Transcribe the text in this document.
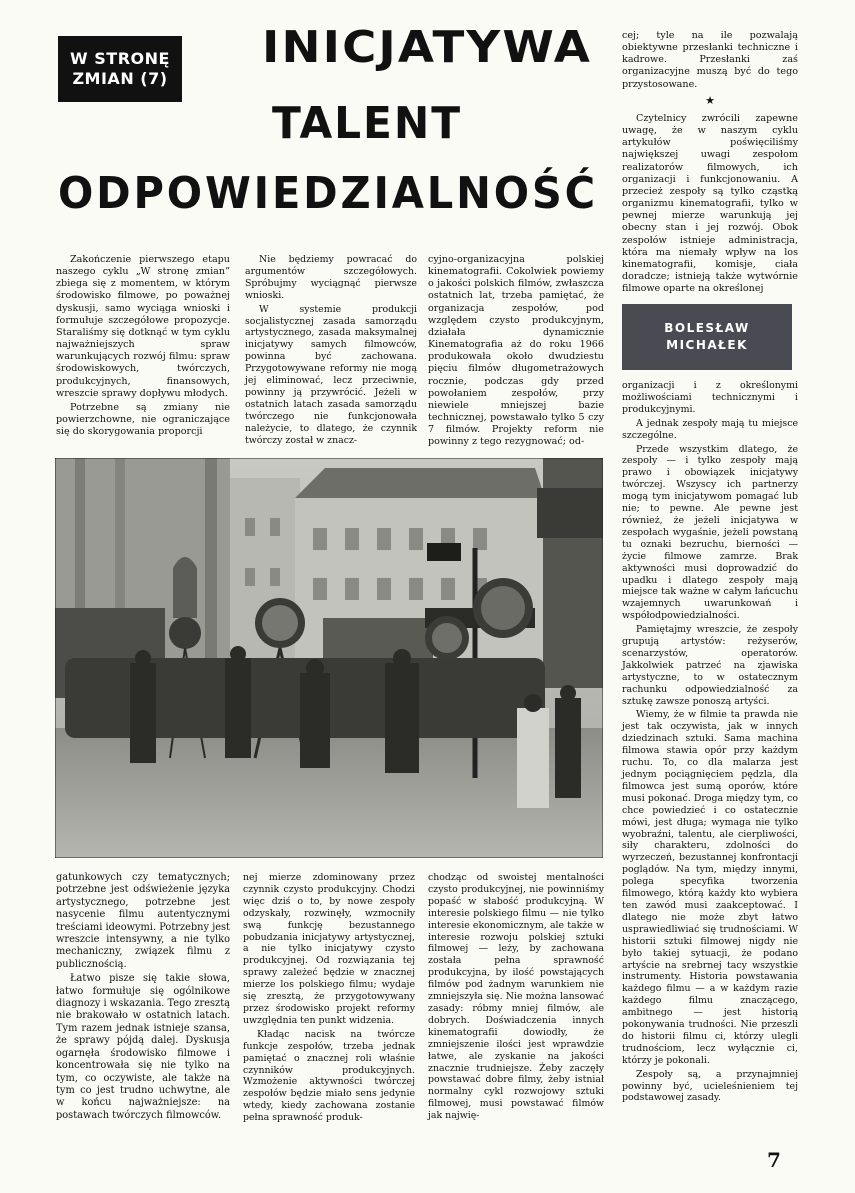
W STRONĘ
ZMIAN (7)
INICJATYWA
TALENT
ODPOWIEDZIALNOŚĆ

Zakończenie pierwszego etapu naszego cyklu „W stronę zmian” zbiega się z momentem, w którym środowisko filmowe, po poważnej dyskusji, samo wyciąga wnioski i formułuje szczegółowe propozycje. Staraliśmy się dotknąć w tym cyklu najważniejszych spraw warunkujących rozwój filmu: spraw środowiskowych, twórczych, produkcyjnych, finansowych, wreszcie sprawy dopływu młodych.

Potrzebne są zmiany nie powierzchowne, nie ograniczające się do skorygowania proporcji

Nie będziemy powracać do argumentów szczegółowych. Spróbujmy wyciągnąć pierwsze wnioski.

W systemie produkcji socjalistycznej zasada samorządu artystycznego, zasada maksymalnej inicjatywy samych filmowców, powinna być zachowana. Przygotowywane reformy nie mogą jej eliminować, lecz przeciwnie, powinny ją przywrócić. Jeżeli w ostatnich latach zasada samorządu twórczego nie funkcjonowała należycie, to dlatego, że czynnik twórczy został w znacz-

cyjno-organizacyjna polskiej kinematografii. Cokolwiek powiemy o jakości polskich filmów, zwłaszcza ostatnich lat, trzeba pamiętać, że organizacja zespołów, pod względem czysto produkcyjnym, działała dynamicznie Kinematografia aż do roku 1966 produkowała około dwudziestu pięciu filmów długometrażowych rocznie, podczas gdy przed powołaniem zespołów, przy niewiele mniejszej bazie technicznej, powstawało tylko 5 czy 7 filmów. Projekty reform nie powinny z tego rezygnować; od-

cej; tyle na ile pozwalają obiektywne przesłanki techniczne i kadrowe. Przesłanki zaś organizacyjne muszą być do tego przystosowane.

★

Czytelnicy zwrócili zapewne uwagę, że w naszym cyklu artykułów poświęciliśmy największej uwagi zespołom realizatorów filmowych, ich organizacji i funkcjonowaniu. A przecież zespoły są tylko cząstką organizmu kinematografii, tylko w pewnej mierze warunkują jej obecny stan i jej rozwój. Obok zespołów istnieje administracja, która ma niemały wpływ na los kinematografii, komisje, ciała doradcze; istnieją także wytwórnie filmowe oparte na określonej

BOLESŁAW
MICHAŁEK

organizacji i z określonymi możliwościami technicznymi i produkcyjnymi.

A jednak zespoły mają tu miejsce szczególne.

Przede wszystkim dlatego, że zespoły — i tylko zespoły mają prawo i obowiązek inicjatywy twórczej. Wszyscy ich partnerzy mogą tym inicjatywom pomagać lub nie; to pewne. Ale pewne jest również, że jeżeli inicjatywa w zespołach wygaśnie, jeżeli powstaną tu oznaki bezruchu, bierności — życie filmowe zamrze. Brak aktywności musi doprowadzić do upadku i dlatego zespoły mają miejsce tak ważne w całym łańcuchu wzajemnych uwarunkowań i współodpowiedzialności.

Pamiętajmy wreszcie, że zespoły grupują artystów: reżyserów, scenarzystów, operatorów. Jakkolwiek patrzeć na zjawiska artystyczne, to w ostatecznym rachunku odpowiedzialność za sztukę zawsze ponoszą artyści.

Wiemy, że w filmie ta prawda nie jest tak oczywista, jak w innych dziedzinach sztuki. Sama machina filmowa stawia opór przy każdym ruchu. To, co dla malarza jest jednym pociągnięciem pędzla, dla filmowca jest sumą oporów, które musi pokonać. Droga między tym, co chce powiedzieć i co ostatecznie mówi, jest długa; wymaga nie tylko wyobraźni, talentu, ale cierpliwości, siły charakteru, zdolności do wyrzeczeń, bezustannej konfrontacji poglądów. Na tym, między innymi, polega specyfika tworzenia filmowego, którą każdy kto wybiera ten zawód musi zaakceptować. I dlatego nie może zbyt łatwo usprawiedliwiać się trudnościami. W historii sztuki filmowej nigdy nie było takiej sytuacji, że podano artyście na srebrnej tacy wszystkie instrumenty. Historia powstawania każdego filmu — a w każdym razie każdego filmu znaczącego, ambitnego — jest historią pokonywania trudności. Nie przeszli do historii filmu ci, którzy ulegli trudnościom, lecz wyłącznie ci, którzy je pokonali.

Zespoły są, a przynajmniej powinny być, ucieleśnieniem tej podstawowej zasady.

gatunkowych czy tematycznych; potrzebne jest odświeżenie języka artystycznego, potrzebne jest nasycenie filmu autentycznymi treściami ideowymi. Potrzebny jest wreszcie intensywny, a nie tylko mechaniczny, związek filmu z publicznością.

Łatwo pisze się takie słowa, łatwo formułuje się ogólnikowe diagnozy i wskazania. Tego zresztą nie brakowało w ostatnich latach. Tym razem jednak istnieje szansa, że sprawy pójdą dalej. Dyskusja ogarnęła środowisko filmowe i koncentrowała się nie tylko na tym, co oczywiste, ale także na tym co jest trudno uchwytne, ale w końcu najważniejsze: na postawach twórczych filmowców.

nej mierze zdominowany przez czynnik czysto produkcyjny. Chodzi więc dziś o to, by nowe zespoły odzyskały, rozwinęły, wzmocniły swą funkcję bezustannego pobudzania inicjatywy artystycznej, a nie tylko inicjatywy czysto produkcyjnej. Od rozwiązania tej sprawy zależeć będzie w znacznej mierze los polskiego filmu; wydaje się zresztą, że przygotowywany przez środowisko projekt reformy uwzględnia ten punkt widzenia.

Kładąc nacisk na twórcze funkcje zespołów, trzeba jednak pamiętać o znacznej roli właśnie czynników produkcyjnych. Wzmożenie aktywności twórczej zespołów będzie miało sens jedynie wtedy, kiedy zachowana zostanie pełna sprawność produk-

chodząc od swoistej mentalności czysto produkcyjnej, nie powinniśmy popaść w słabość produkcyjną. W interesie polskiego filmu — nie tylko interesie ekonomicznym, ale także w interesie rozwoju polskiej sztuki filmowej — leży, by zachowana została pełna sprawność produkcyjna, by ilość powstających filmów pod żadnym warunkiem nie zmniejszyła się. Nie można lansować zasady: róbmy mniej filmów, ale dobrych. Doświadczenia innych kinematografii dowiodły, że zmniejszenie ilości jest wprawdzie łatwe, ale zyskanie na jakości znacznie trudniejsze. Żeby zaczęły powstawać dobre filmy, żeby istniał normalny cykl rozwojowy sztuki filmowej, musi powstawać filmów jak najwię-

7
